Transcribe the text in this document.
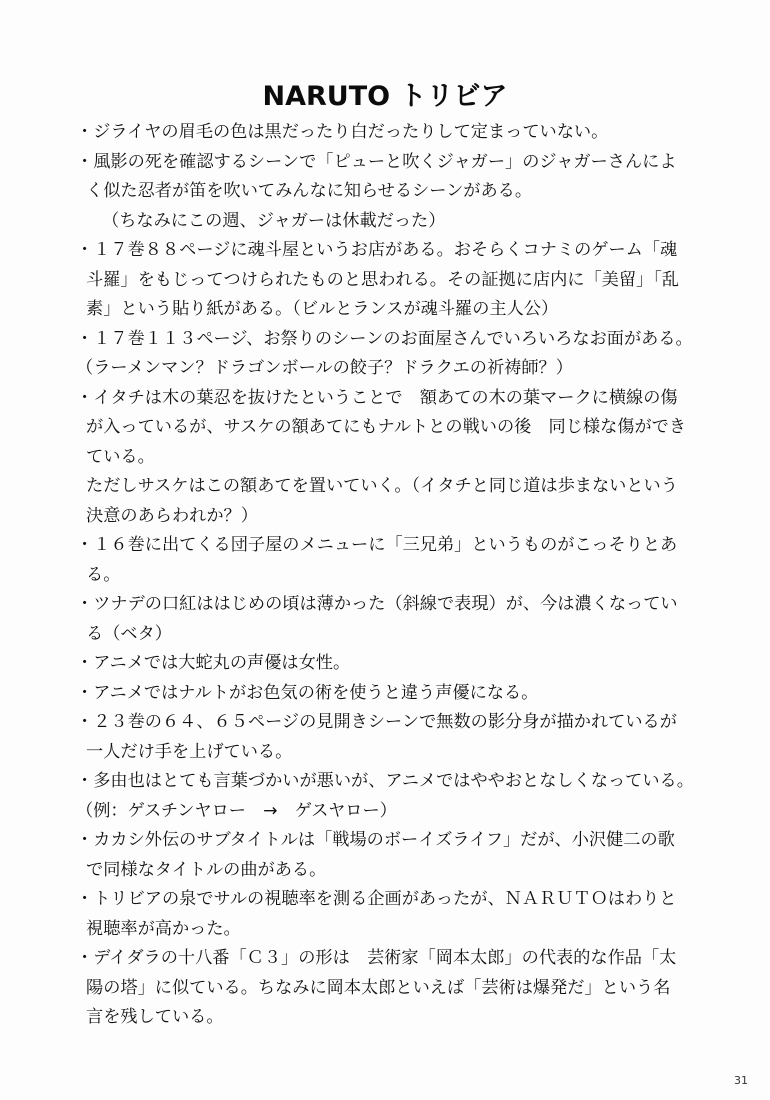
NARUTO トリビア
・ジライヤの眉毛の色は黒だったり白だったりして定まっていない。
・風影の死を確認するシーンで「ピューと吹くジャガー」のジャガーさんによ
く似た忍者が笛を吹いてみんなに知らせるシーンがある。
（ちなみにこの週、ジャガーは休載だった）
・１７巻８８ページに魂斗屋というお店がある。おそらくコナミのゲーム「魂
斗羅」をもじってつけられたものと思われる。その証拠に店内に「美留」「乱
素」という貼り紙がある。（ビルとランスが魂斗羅の主人公）
・１７巻１１３ページ、お祭りのシーンのお面屋さんでいろいろなお面がある。
（ラーメンマン？ドラゴンボールの餃子？ドラクエの祈祷師？）
・イタチは木の葉忍を抜けたということで　額あての木の葉マークに横線の傷
が入っているが、サスケの額あてにもナルトとの戦いの後　同じ様な傷ができ
ている。
ただしサスケはこの額あてを置いていく。（イタチと同じ道は歩まないという
決意のあらわれか？）
・１６巻に出てくる団子屋のメニューに「三兄弟」というものがこっそりとあ
る。
・ツナデの口紅ははじめの頃は薄かった（斜線で表現）が、今は濃くなってい
る（ベタ）
・アニメでは大蛇丸の声優は女性。
・アニメではナルトがお色気の術を使うと違う声優になる。
・２３巻の６４、６５ページの見開きシーンで無数の影分身が描かれているが
一人だけ手を上げている。
・多由也はとても言葉づかいが悪いが、アニメではややおとなしくなっている。
（例：ゲスチンヤロー　→　ゲスヤロー）
・カカシ外伝のサブタイトルは「戦場のボーイズライフ」だが、小沢健二の歌
で同様なタイトルの曲がある。
・トリビアの泉でサルの視聴率を測る企画があったが、ＮＡＲＵＴＯはわりと
視聴率が高かった。
・デイダラの十八番「Ｃ３」の形は　芸術家「岡本太郎」の代表的な作品「太
陽の塔」に似ている。ちなみに岡本太郎といえば「芸術は爆発だ」という名
言を残している。
31
